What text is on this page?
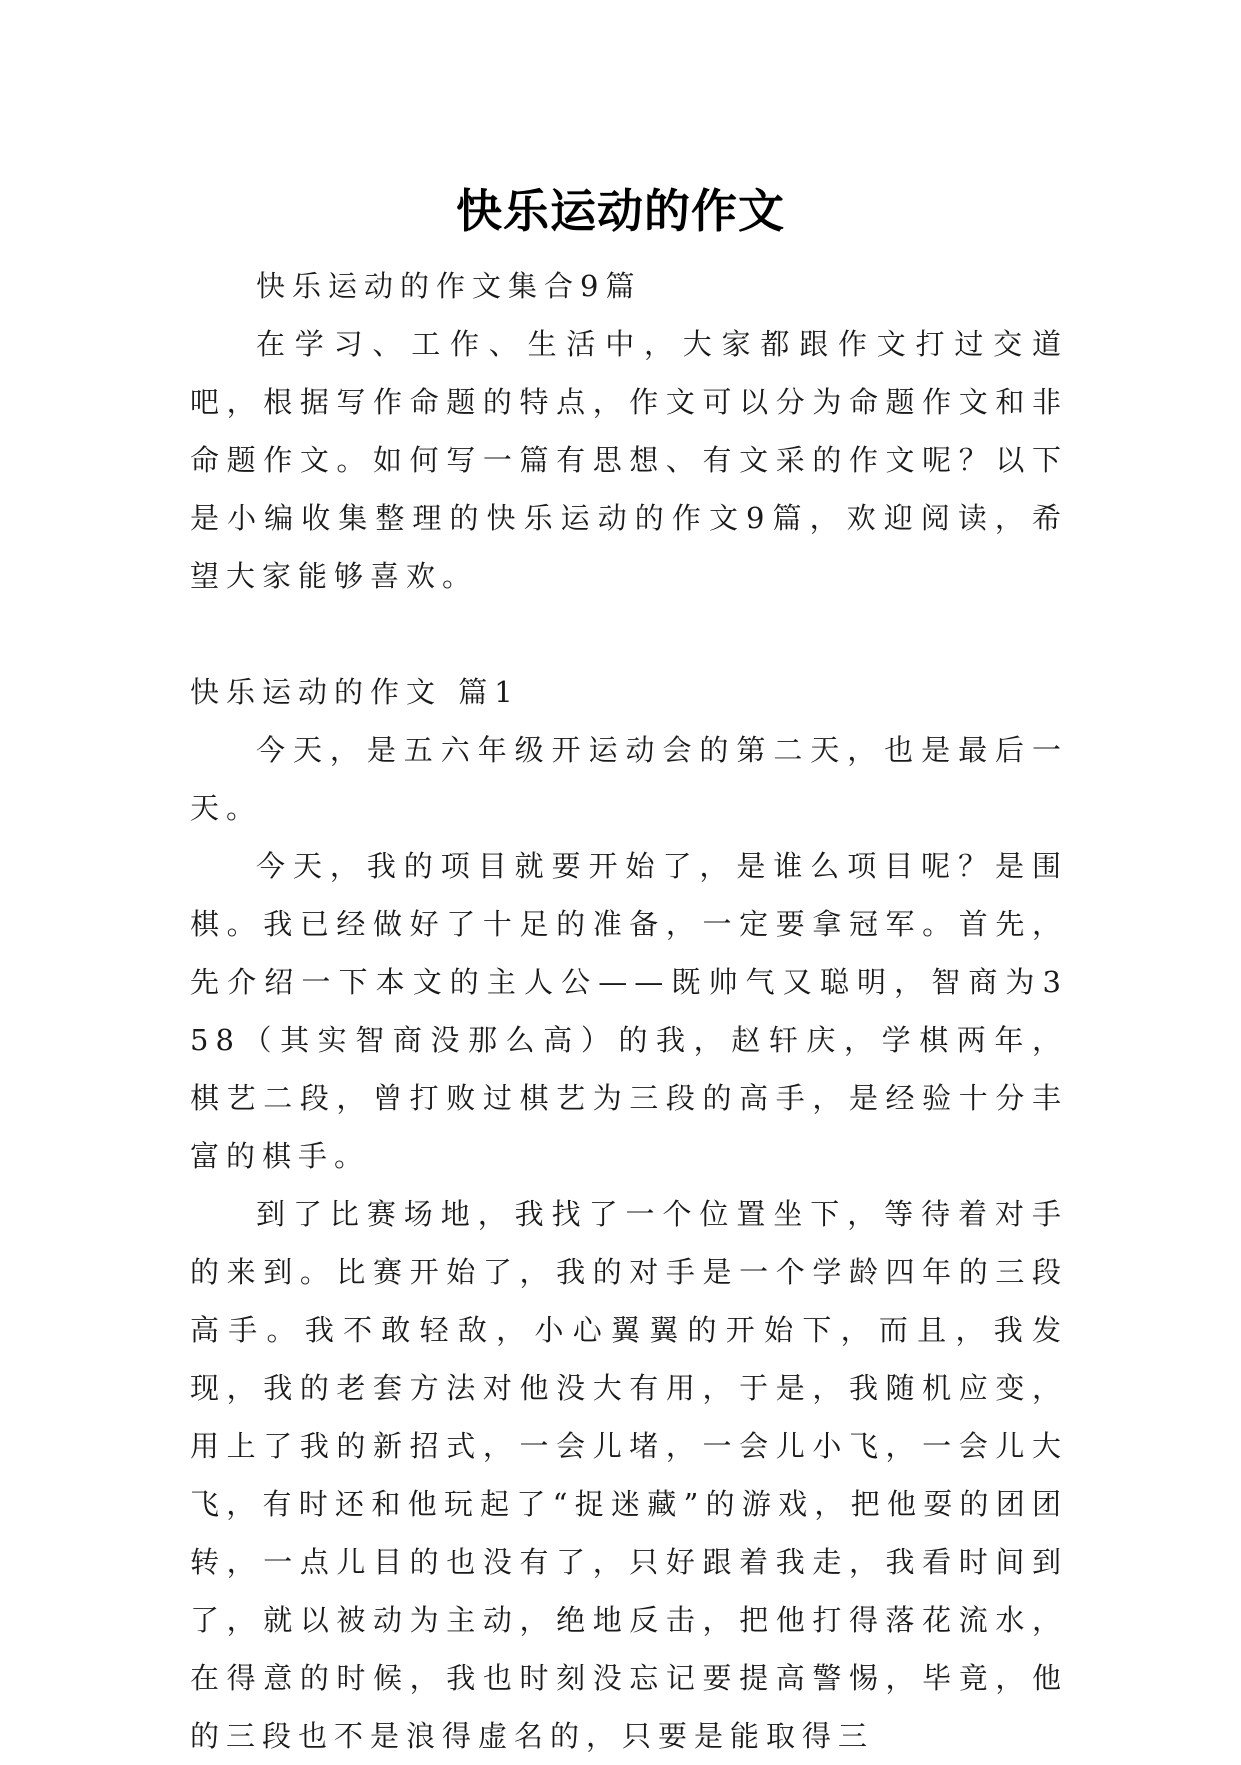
快乐运动的作文

快乐运动的作文集合9篇

在学习、工作、生活中，大家都跟作文打过交道吧，根据写作命题的特点，作文可以分为命题作文和非命题作文。如何写一篇有思想、有文采的作文呢？以下是小编收集整理的快乐运动的作文9篇，欢迎阅读，希望大家能够喜欢。

快乐运动的作文 篇1

今天，是五六年级开运动会的第二天，也是最后一天。

今天，我的项目就要开始了，是谁么项目呢？是围棋。我已经做好了十足的准备，一定要拿冠军。首先，先介绍一下本文的主人公——既帅气又聪明，智商为358（其实智商没那么高）的我，赵轩庆，学棋两年，棋艺二段，曾打败过棋艺为三段的高手，是经验十分丰富的棋手。

到了比赛场地，我找了一个位置坐下，等待着对手的来到。比赛开始了，我的对手是一个学龄四年的三段高手。我不敢轻敌，小心翼翼的开始下，而且，我发现，我的老套方法对他没大有用，于是，我随机应变，用上了我的新招式，一会儿堵，一会儿小飞，一会儿大飞，有时还和他玩起了“捉迷藏”的游戏，把他耍的团团转，一点儿目的也没有了，只好跟着我走，我看时间到了，就以被动为主动，绝地反击，把他打得落花流水，在得意的时候，我也时刻没忘记要提高警惕，毕竟，他的三段也不是浪得虚名的，只要是能取得三
